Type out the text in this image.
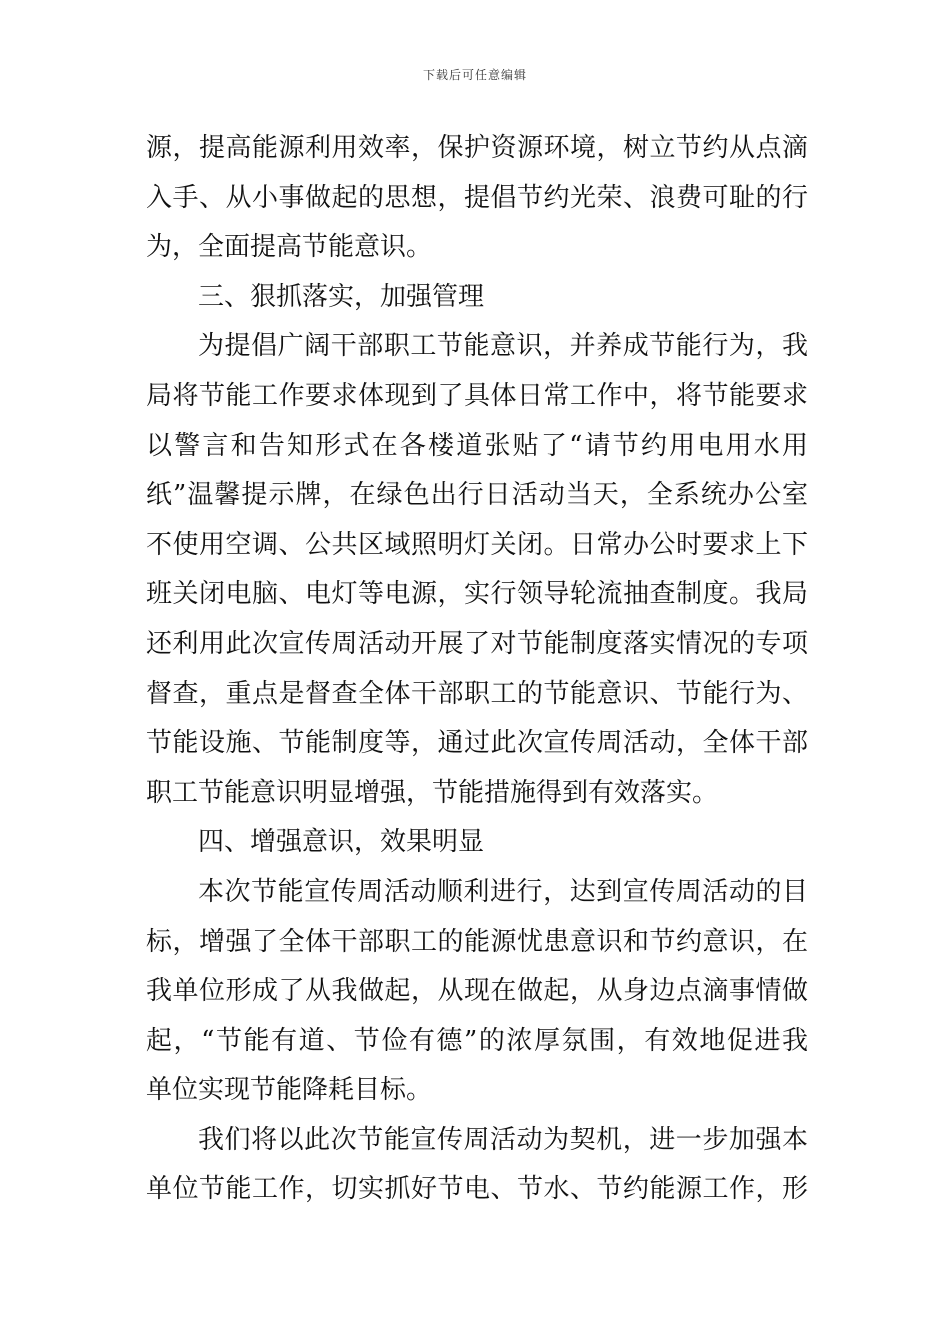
下载后可任意编辑
源，提高能源利用效率，保护资源环境，树立节约从点滴
入手、从小事做起的思想，提倡节约光荣、浪费可耻的行
为，全面提高节能意识。
三、狠抓落实，加强管理
为提倡广阔干部职工节能意识，并养成节能行为，我
局将节能工作要求体现到了具体日常工作中，将节能要求
以警言和告知形式在各楼道张贴了“请节约用电用水用
纸”温馨提示牌，在绿色出行日活动当天，全系统办公室
不使用空调、公共区域照明灯关闭。日常办公时要求上下
班关闭电脑、电灯等电源，实行领导轮流抽查制度。我局
还利用此次宣传周活动开展了对节能制度落实情况的专项
督查，重点是督查全体干部职工的节能意识、节能行为、
节能设施、节能制度等，通过此次宣传周活动，全体干部
职工节能意识明显增强，节能措施得到有效落实。
四、增强意识，效果明显
本次节能宣传周活动顺利进行，达到宣传周活动的目
标，增强了全体干部职工的能源忧患意识和节约意识，在
我单位形成了从我做起，从现在做起，从身边点滴事情做
起，“节能有道、节俭有德”的浓厚氛围，有效地促进我
单位实现节能降耗目标。
我们将以此次节能宣传周活动为契机，进一步加强本
单位节能工作，切实抓好节电、节水、节约能源工作，形
